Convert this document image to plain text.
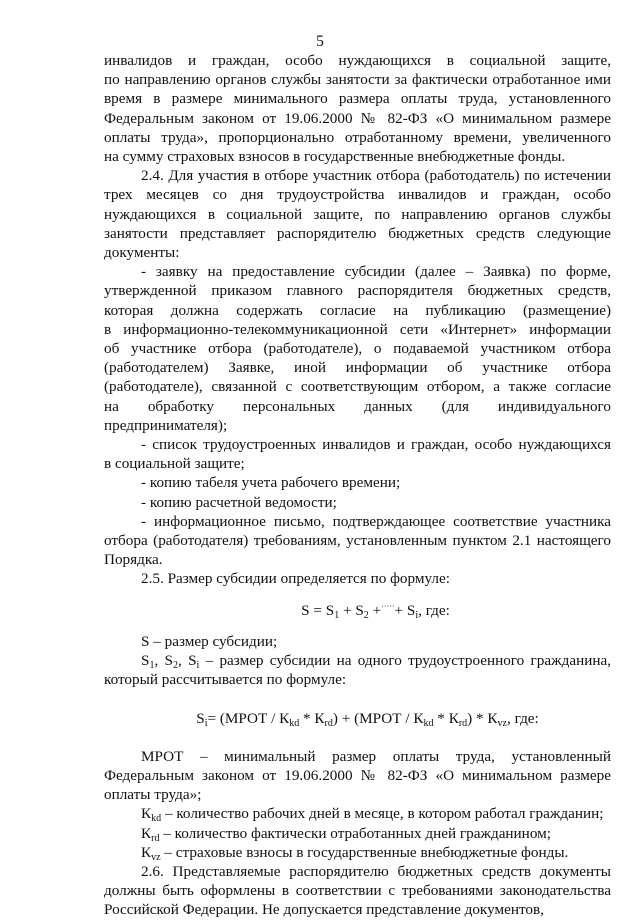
5

инвалидов и граждан, особо нуждающихся в социальной защите,

по направлению органов службы занятости за фактически отработанное ими

время в размере минимального размера оплаты труда, установленного

Федеральным законом от 19.06.2000 № 82-ФЗ «О минимальном размере

оплаты труда», пропорционально отработанному времени, увеличенного

на сумму страховых взносов в государственные внебюджетные фонды.

2.4. Для участия в отборе участник отбора (работодатель) по истечении

трех месяцев со дня трудоустройства инвалидов и граждан, особо

нуждающихся в социальной защите, по направлению органов службы

занятости представляет распорядителю бюджетных средств следующие

документы:

- заявку на предоставление субсидии (далее – Заявка) по форме,

утвержденной приказом главного распорядителя бюджетных средств,

которая должна содержать согласие на публикацию (размещение)

в информационно-телекоммуникационной сети «Интернет» информации

об участнике отбора (работодателе), о подаваемой участником отбора

(работодателем) Заявке, иной информации об участнике отбора

(работодателе), связанной с соответствующим отбором, а также согласие

на обработку персональных данных (для индивидуального

предпринимателя);

- список трудоустроенных инвалидов и граждан, особо нуждающихся

в социальной защите;

- копию табеля учета рабочего времени;

- копию расчетной ведомости;

- информационное письмо, подтверждающее соответствие участника

отбора (работодателя) требованиям, установленным пунктом 2.1 настоящего

Порядка.

2.5. Размер субсидии определяется по формуле:

$S = S_1 + S_2 +^{\cdot\cdot\cdot\cdot\cdot}+ S_i$, где:

S – размер субсидии;

$S_1$, $S_2$, $S_i$ – размер субсидии на одного трудоустроенного гражданина,

который рассчитывается по формуле:

$S_i=$ (МРОТ / $К_{kd} * К_{rd}$) + (МРОТ / $К_{kd} * К_{rd}) * К_{vz}$, где:

МРОТ – минимальный размер оплаты труда, установленный

Федеральным законом от 19.06.2000 № 82-ФЗ «О минимальном размере

оплаты труда»;

$К_{kd}$ – количество рабочих дней в месяце, в котором работал гражданин;

$К_{rd}$ – количество фактически отработанных дней гражданином;

$К_{vz}$ – страховые взносы в государственные внебюджетные фонды.

2.6. Представляемые распорядителю бюджетных средств документы

должны быть оформлены в соответствии с требованиями законодательства

Российской Федерации. Не допускается представление документов,
